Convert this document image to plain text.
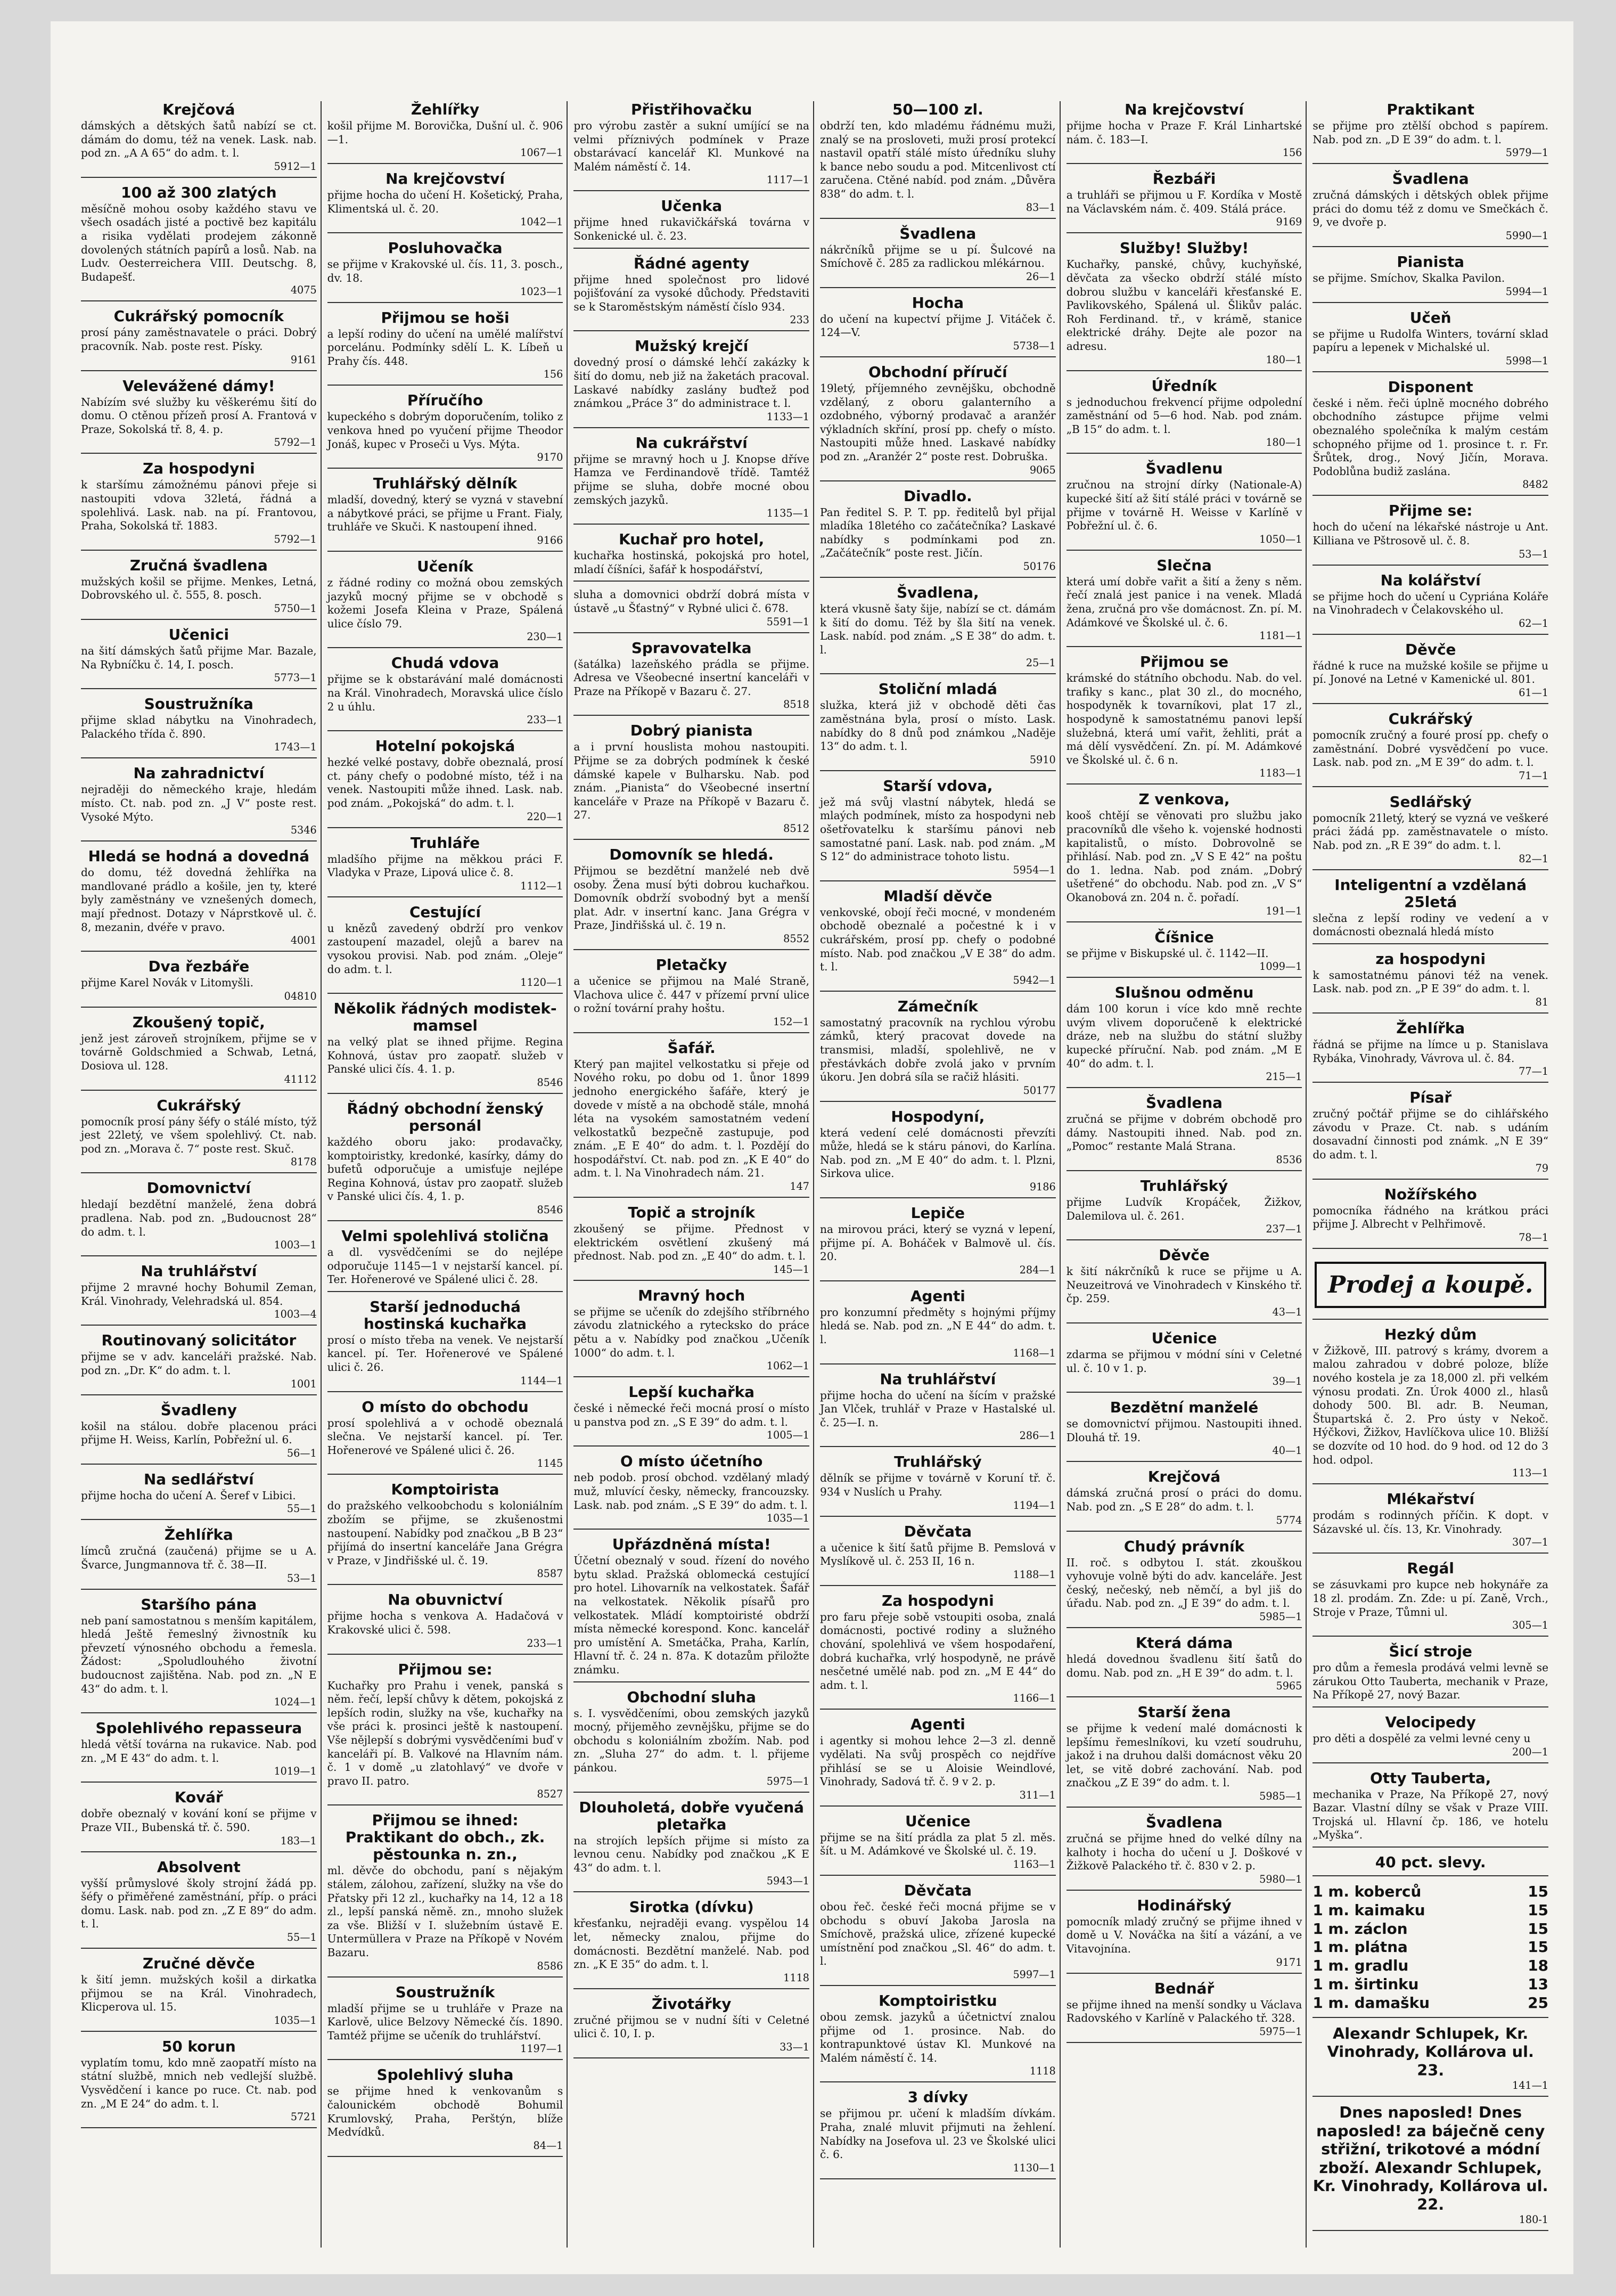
Krejčová
dámských a dětských šatů nabízí se ct. dámám do domu, též na venek. Lask. nab. pod zn. „A A 65“ do adm. t. l.
5912—1
100 až 300 zlatých
měsíčně mohou osoby každého stavu ve všech osadách jisté a poctivě bez kapitálu a risika vydělati prodejem zákonně dovolených státních papírů a losů. Nab. na Ludv. Oesterreichera VIII. Deutschg. 8, Budapešť.
4075
Cukrářský pomocník
prosí pány zaměstnavatele o práci. Dobrý pracovník. Nab. poste rest. Písky.
9161
Velevážené dámy!
Nabízím své služby ku věškerému šití do domu. O ctěnou přízeň prosí A. Frantová v Praze, Sokolská tř. 8, 4. p.
5792—1
Za hospodyni
k staršímu zámožnému pánovi přeje si nastoupiti vdova 32letá, řádná a spolehlivá. Lask. nab. na pí. Frantovou, Praha, Sokolská tř. 1883.
5792—1
Zručná švadlena
mužských košil se přijme. Menkes, Letná, Dobrovského ul. č. 555, 8. posch.
5750—1
Učenici
na šití dámských šatů přijme Mar. Bazale, Na Rybníčku č. 14, I. posch.
5773—1
Soustružníka
přijme sklad nábytku na Vinohradech, Palackého třída č. 890.
1743—1
Na zahradnictví
nejraději do německého kraje, hledám místo. Ct. nab. pod zn. „J V“ poste rest. Vysoké Mýto.
5346
Hledá se hodná a dovedná
do domu, též dovedná žehlířka na mandlované prádlo a košile, jen ty, které byly zaměstnány ve vznešených domech, mají přednost. Dotazy v Náprstkově ul. č. 8, mezanin, dvéře v pravo.
4001
Dva řezbáře
přijme Karel Novák v Litomyšli.
04810
Zkoušený topič,
jenž jest zároveň strojníkem, přijme se v továrně Goldschmied a Schwab, Letná, Dosiova ul. 128.
41112
Cukrářský
pomocník prosí pány šéfy o stálé místo, týž jest 22letý, ve všem spolehlivý. Ct. nab. pod zn. „Morava č. 7“ poste rest. Skuč.
8178
Domovnictví
hledají bezdětní manželé, žena dobrá pradlena. Nab. pod zn. „Budoucnost 28“ do adm. t. l.
1003—1
Na truhlářství
přijme 2 mravné hochy Bohumil Zeman, Král. Vinohrady, Velehradská ul. 854.
1003—4
Routinovaný solicitátor
přijme se v adv. kanceláři pražské. Nab. pod zn. „Dr. K“ do adm. t. l.
1001
Švadleny
košil na stálou. dobře placenou práci přijme H. Weiss, Karlín, Pobřežní ul. 6.
56—1
Na sedlářství
přijme hocha do učení A. Šeref v Libici.
55—1
Žehlířka
límců zručná (zaučená) přijme se u A. Švarce, Jungmannova tř. č. 38—II.
53—1
Staršího pána
neb paní samostatnou s menším kapitálem, hledá Ještě řemeslný živnostník ku převzetí výnosného obchodu a řemesla. Žádost: „Spoludlouhého životní budoucnost zajištěna. Nab. pod zn. „N E 43“ do adm. t. l.
1024—1
Spolehlivého repasseura
hledá větší továrna na rukavice. Nab. pod zn. „M E 43“ do adm. t. l.
1019—1
Kovář
dobře obeznalý v kování koní se přijme v Praze VII., Bubenská tř. č. 590.
183—1
Absolvent
vyšší průmyslové školy strojní žádá pp. šéfy o přiměřené zaměstnání, příp. o práci domu. Lask. nab. pod zn. „Z E 89“ do adm. t. l.
55—1
Zručné děvče
k šití jemn. mužských košil a dirkatka přijmou se na Král. Vinohradech, Klicperova ul. 15.
1035—1
50 korun
vyplatím tomu, kdo mně zaopatří místo na státní službě, mnich neb vedlejší službě. Vysvědčení i kance po ruce. Ct. nab. pod zn. „M E 24“ do adm. t. l.
5721
Žehlířky
košil přijme M. Borovička, Dušní ul. č. 906—1.
1067—1
Na krejčovství
přijme hocha do učení H. Košetický, Praha, Klimentská ul. č. 20.
1042—1
Posluhovačka
se přijme v Krakovské ul. čís. 11, 3. posch., dv. 18.
1023—1
Přijmou se hoši
a lepší rodiny do učení na umělé malířství porcelánu. Podmínky sdělí L. K. Líbeň u Prahy čís. 448.
156
Příručího
kupeckého s dobrým doporučením, toliko z venkova hned po vyučení přijme Theodor Jonáš, kupec v Proseči u Vys. Mýta.
9170
Truhlářský dělník
mladší, dovedný, který se vyzná v stavební a nábytkové práci, se přijme u Frant. Fialy, truhláře ve Skuči. K nastoupení ihned.
9166
Učeník
z řádné rodiny co možná obou zemských jazyků mocný přijme se v obchodě s kožemi Josefa Kleina v Praze, Spálená ulice číslo 79.
230—1
Chudá vdova
přijme se k obstarávání malé domácnosti na Král. Vinohradech, Moravská ulice číslo 2 u úhlu.
233—1
Hotelní pokojská
hezké velké postavy, dobře obeznalá, prosí ct. pány chefy o podobné místo, též i na venek. Nastoupiti může ihned. Lask. nab. pod znám. „Pokojská“ do adm. t. l.
220—1
Truhláře
mladšího přijme na měkkou práci F. Vladyka v Praze, Lipová ulice č. 8.
1112—1
Cestující
u knězů zavedený obdrží pro venkov zastoupení mazadel, olejů a barev na vysokou provisi. Nab. pod znám. „Oleje“ do adm. t. l.
1120—1
Několik řádných modistek-mamsel
na velký plat se ihned přijme. Regina Kohnová, ústav pro zaopatř. služeb v Panské ulici čís. 4. 1. p.
8546
Řádný obchodní ženský personál
každého oboru jako: prodavačky, komptoiristky, kredonké, kasírky, dámy do bufetů odporučuje a umisťuje nejlépe Regina Kohnová, ústav pro zaopatř. služeb v Panské ulici čís. 4, 1. p.
8546
Velmi spolehlivá stolična
a dl. vysvědčeními se do nejlépe odporučuje 1145—1 v nejstarší kancel. pí. Ter. Hořenerové ve Spálené ulici č. 28.
Starší jednoduchá hostinská kuchařka
prosí o místo třeba na venek. Ve nejstarší kancel. pí. Ter. Hořenerové ve Spálené ulici č. 26.
1144—1
O místo do obchodu
prosí spolehlivá a v ochodě obeznalá slečna. Ve nejstarší kancel. pí. Ter. Hořenerové ve Spálené ulici č. 26.
1145
Komptoirista
do pražského velkoobchodu s koloniálním zbožím se přijme, se zkušenostmi nastoupení. Nabídky pod značkou „B B 23“ přijímá do insertní kanceláře Jana Grégra v Praze, v Jindřišské ul. č. 19.
8587
Na obuvnictví
přijme hocha s venkova A. Hadačová v Krakovské ulici č. 598.
233—1
Přijmou se:
Kuchařky pro Prahu i venek, panská s něm. řečí, lepší chůvy k dětem, pokojská z lepších rodin, služky na vše, kuchařky na vše práci k. prosinci ještě k nastoupení. Vše nějlepší s dobrými vysvědčeními buď v kanceláři pí. B. Valkové na Hlavním nám. č. 1 v domě „u zlatohlavý“ ve dvoře v pravo II. patro.
8527
Přijmou se ihned: Praktikant do obch., zk. pěstounka n. zn.,
ml. děvče do obchodu, paní s nějakým stálem, zálohou, zařízení, služky na vše do Přatsky při 12 zl., kuchařky na 14, 12 a 18 zl., lepší panská němě. zn., mnoho služek za vše. Bližší v I. služebním ústavě E. Untermüllera v Praze na Příkopě v Novém Bazaru.
8586
Soustružník
mladší přijme se u truhláře v Praze na Karlově, ulice Belzovy Německé čís. 1890. Tamtéž přijme se učeník do truhlářství.
1197—1
Spolehlivý sluha
se přijme hned k venkovanům s čalounickém obchodě Bohumil Krumlovský, Praha, Perštýn, blíže Medvídků.
84—1
Přistřihovačku
pro výrobu zastěr a sukní umíjící se na velmi příznivých podmínek v Praze obstarávací kancelář Kl. Munkové na Malém náměstí č. 14.
1117—1
Učenka
přijme hned rukavičkářská továrna v Sonkenické ul. č. 23.
Řádné agenty
přijme hned společnost pro lidové pojišťování za vysoké důchody. Představiti se k Staroměstským náměstí číslo 934.
233
Mužský krejčí
dovedný prosí o dámské lehčí zakázky k šití do domu, neb již na žaketách pracoval. Laskavé nabídky zaslány buďtež pod známkou „Práce 3“ do administrace t. l.
1133—1
Na cukrářství
přijme se mravný hoch u J. Knopse dříve Hamza ve Ferdinandově třídě. Tamtéž přijme se sluha, dobře mocné obou zemských jazyků.
1135—1
Kuchař pro hotel,
kuchařka hostinská, pokojská pro hotel, mladí číšníci, šafář k hospodářství,
sluha a domovnici obdrží dobrá místa v ústavě „u Šťastný“ v Rybné ulici č. 678.
5591—1
Spravovatelka
(šatálka) lazeňského prádla se přijme. Adresa ve Všeobecné insertní kanceláři v Praze na Příkopě v Bazaru č. 27.
8518
Dobrý pianista
a i první houslista mohou nastoupiti. Přijme se za dobrých podmínek k české dámské kapele v Bulharsku. Nab. pod znám. „Pianista“ do Všeobecné insertní kanceláře v Praze na Příkopě v Bazaru č. 27.
8512
Domovník se hledá.
Přijmou se bezdětní manželé neb dvě osoby. Žena musí býti dobrou kuchařkou. Domovník obdrží svobodný byt a menší plat. Adr. v insertní kanc. Jana Grégra v Praze, Jindřišská ul. č. 19 n.
8552
Pletačky
a učenice se přijmou na Malé Straně, Vlachova ulice č. 447 v přízemí první ulice o rožní tovární prahy hoštu.
152—1
Šafář.
Který pan majitel velkostatku si přeje od Nového roku, po dobu od 1. ůnor 1899 jednoho energického šafáře, který je dovede v místě a na obchodě stále, mnohá léta na vysokém samostatném vedení velkostatků bezpečně zastupuje, pod znám. „E E 40“ do adm. t. l. Pozdějí do hospodářství. Ct. nab. pod zn. „K E 40“ do adm. t. l. Na Vinohradech nám. 21.
147
Topič a strojník
zkoušený se přijme. Přednost v elektrickém osvětlení zkušený má přednost. Nab. pod zn. „E 40“ do adm. t. l.
145—1
Mravný hoch
se přijme se učeník do zdejšího stříbrného závodu zlatnického a rytecksko do práce pětu a v. Nabídky pod značkou „Učeník 1000“ do adm. t. l.
1062—1
Lepší kuchařka
české i německé řeči mocná prosí o místo u panstva pod zn. „S E 39“ do adm. t. l.
1005—1
O místo účetního
neb podob. prosí obchod. vzdělaný mladý muž, mluvící česky, německy, francouzsky. Lask. nab. pod znám. „S E 39“ do adm. t. l.
1035—1
Upřázdněná místa!
Účetní obeznalý v soud. řízení do nového bytu sklad. Pražská oblomecká cestující pro hotel. Lihovarník na velkostatek. Šafář na velkostatek. Několik písařů pro velkostatek. Mládí komptoiristé obdrží místa německé korespond. Konc. kancelář pro umístění A. Smetáčka, Praha, Karlín, Hlavní tř. č. 24 n. 87a. K dotazům přiložte známku.
Obchodní sluha
s. I. vysvědčeními, obou zemských jazyků mocný, přijeměho zevnějšku, přijme se do obchodu s koloniálním zbožím. Nab. pod zn. „Sluha 27“ do adm. t. l. přijeme pánkou.
5975—1
Dlouholetá, dobře vyučená pletařka
na strojích lepších přijme si místo za levnou cenu. Nabídky pod značkou „K E 43“ do adm. t. l.
5943—1
Sirotka (dívku)
křesťanku, nejraději evang. vyspělou 14 let, německy znalou, přijme do domácnosti. Bezdětní manželé. Nab. pod zn. „K E 35“ do adm. t. l.
1118
Životářky
zručné přijmou se v nudní šíti v Celetné ulici č. 10, I. p.
33—1
50—100 zl.
obdrží ten, kdo mladému řádnému muži, znalý se na prosloveti, muži prosí protekcí nastavil opatří stálé místo úředníku sluhy k bance nebo soudu a pod. Mitcenlivost ctí zaručena. Ctěné nabíd. pod znám. „Důvěra 838“ do adm. t. l.
83—1
Švadlena
nákrčníků přijme se u pí. Šulcové na Smíchově č. 285 za radlickou mlékárnou.
26—1
Hocha
do učení na kupectví přijme J. Vitáček č. 124—V.
5738—1
Obchodní příručí
19letý, příjemného zevnějšku, obchodně vzdělaný, z oboru galanterního a ozdobného, výborný prodavač a aranžér výkladních skříní, prosí pp. chefy o místo. Nastoupiti může hned. Laskavé nabídky pod zn. „Aranžér 2“ poste rest. Dobruška.
9065
Divadlo.
Pan ředitel S. P. T. pp. ředitelů byl přijal mladíka 18letého co začátečníka? Laskavé nabídky s podmínkami pod zn. „Začátečník“ poste rest. Jičín.
50176
Švadlena,
která vkusně šaty šije, nabízí se ct. dámám k šití do domu. Též by šla šití na venek. Lask. nabíd. pod znám. „S E 38“ do adm. t. l.
25—1
Stoliční mladá
služka, která již v obchodě děti čas zaměstnána byla, prosí o místo. Lask. nabídky do 8 dnů pod známkou „Naděje 13“ do adm. t. l.
5910
Starší vdova,
jež má svůj vlastní nábytek, hledá se mlaých podmínek, místo za hospodyni neb ošetřovatelku k staršímu pánovi neb samostatné paní. Lask. nab. pod znám. „M S 12“ do administrace tohoto listu.
5954—1
Mladší děvče
venkovské, obojí řeči mocné, v mondeném obchodě obeznalé a počestné k i v cukrářském, prosí pp. chefy o podobné místo. Nab. pod značkou „V E 38“ do adm. t. l.
5942—1
Zámečník
samostatný pracovník na rychlou výrobu zámků, který pracovat dovede na transmisi, mladší, spolehlivě, ne v přestávkách dobře zvolá jako v prvním úkoru. Jen dobrá síla se račiž hlásiti.
50177
Hospodyní,
která vedení celé domácnosti převzíti může, hledá se k stáru pánovi, do Karlína. Nab. pod zn. „M E 40“ do adm. t. l. Plzni, Sirkova ulice.
9186
Lepiče
na mirovou práci, který se vyzná v lepení, přijme pí. A. Boháček v Balmově ul. čís. 20.
284—1
Agenti
pro konzumní předměty s hojnými příjmy hledá se. Nab. pod zn. „N E 44“ do adm. t. l.
1168—1
Na truhlářství
přijme hocha do učení na šícím v pražské Jan Vlček, truhlář v Praze v Hastalské ul. č. 25—I. n.
286—1
Truhlářský
dělník se přijme v továrně v Koruní tř. č. 934 v Nuslích u Prahy.
1194—1
Děvčata
a učenice k šití šatů přijme B. Pemslová v Myslíkově ul. č. 253 II, 16 n.
1188—1
Za hospodyni
pro faru přeje sobě vstoupiti osoba, znalá domácnosti, poctivé rodiny a služného chování, spolehlivá ve všem hospodaření, dobrá kuchařka, vrlý hospodyně, ne právě nesčetné umělé nab. pod zn. „M E 44“ do adm. t. l.
1166—1
Agenti
i agentky si mohou lehce 2—3 zl. denně vydělati. Na svůj prospěch co nejdříve přihlásí se se u Aloisie Weindlové, Vinohrady, Sadová tř. č. 9 v 2. p.
311—1
Učenice
přijme se na šití prádla za plat 5 zl. měs. šít. u M. Adámkové ve Školské ul. č. 19.
1163—1
Děvčata
obou řeč. české řeči mocná přijme se v obchodu s obuví Jakoba Jarosla na Smíchově, pražská ulice, zřízené kupecké umístnění pod značkou „Sl. 46“ do adm. t. l.
5997—1
Komptoiristku
obou zemsk. jazyků a účetnictví znalou přijme od 1. prosince. Nab. do kontrapunktové ústav Kl. Munkové na Malém náměstí č. 14.
1118
3 dívky
se přijmou pr. učení k mladším dívkám. Praha, znalé mluvit přijmuti na žehlení. Nabídky na Josefova ul. 23 ve Školské ulici č. 6.
1130—1
Na krejčovství
přijme hocha v Praze F. Král Linhartské nám. č. 183—I.
156
Řezbáři
a truhláři se přijmou u F. Kordíka v Mostě na Václavském nám. č. 409. Stálá práce.
9169
Služby! Služby!
Kuchařky, panské, chůvy, kuchyňské, děvčata za všecko obdrží stálé místo dobrou službu v kanceláři křesťanské E. Pavlikovského, Spálená ul. Šlikův palác. Roh Ferdinand. tř., v krámě, stanice elektrické dráhy. Dejte ale pozor na adresu.
180—1
Úředník
s jednoduchou frekvencí přijme odpolední zaměstnání od 5—6 hod. Nab. pod znám. „B 15“ do adm. t. l.
180—1
Švadlenu
zručnou na strojní dírky (Nationale-A) kupecké šití až šití stálé práci v továrně se přijme v továrně H. Weisse v Karlíně v Pobřežní ul. č. 6.
1050—1
Slečna
která umí dobře vařit a šití a ženy s něm. řečí znalá jest panice i na venek. Mladá žena, zručná pro vše domácnost. Zn. pí. M. Adámkové ve Školské ul. č. 6.
1181—1
Přijmou se
krámské do státního obchodu. Nab. do vel. trafiky s kanc., plat 30 zl., do mocného, hospodyněk k tovarníkovi, plat 17 zl., hospodyně k samostatnému panovi lepší služebná, která umí vařit, žehliti, prát a má dělí vysvědčení. Zn. pí. M. Adámkové ve Školské ul. č. 6 n.
1183—1
Z venkova,
kooš chtějí se věnovati pro službu jako pracovníků dle všeho k. vojenské hodnosti kapitalistů, o místo. Dobrovolně se přihlásí. Nab. pod zn. „V S E 42“ na poštu do 1. ledna. Nab. pod znám. „Dobrý ušetřené“ do obchodu. Nab. pod zn. „V S“ Okanobová zn. 204 n. č. pořadí.
191—1
Číšnice
se přijme v Biskupské ul. č. 1142—II.
1099—1
Slušnou odměnu
dám 100 korun i více kdo mně rechte uvým vlivem doporučeně k elektrické dráze, neb na službu do státní služby kupecké příruční. Nab. pod znám. „M E 40“ do adm. t. l.
215—1
Švadlena
zručná se přijme v dobrém obchodě pro dámy. Nastoupiti ihned. Nab. pod zn. „Pomoc“ restante Malá Strana.
8536
Truhlářský
přijme Ludvík Kropáček, Žižkov, Dalemilova ul. č. 261.
237—1
Děvče
k šití nákrčníků k ruce se přijme u A. Neuzeitrová ve Vinohradech v Kinského tř. čp. 259.
43—1
Učenice
zdarma se přijmou v módní síni v Celetné ul. č. 10 v 1. p.
39—1
Bezdětní manželé
se domovnictví přijmou. Nastoupiti ihned. Dlouhá tř. 19.
40—1
Krejčová
dámská zručná prosí o práci do domu. Nab. pod zn. „S E 28“ do adm. t. l.
5774
Chudý právník
II. roč. s odbytou I. stát. zkouškou vyhovuje volně býti do adv. kanceláře. Jest český, nečeský, neb němčí, a byl jiš do úřadu. Nab. pod zn. „J E 39“ do adm. t. l.
5985—1
Která dáma
hledá dovednou švadlenu šití šatů do domu. Nab. pod zn. „H E 39“ do adm. t. l.
5965
Starší žena
se přijme k vedení malé domácnosti k lepšímu řemeslníkovi, ku vzetí soudruhu, jakož i na druhou dalši domácnost věku 20 let, se vitě dobré zachování. Nab. pod značkou „Z E 39“ do adm. t. l.
5985—1
Švadlena
zručná se přijme hned do velké dílny na kalhoty i hocha do učení u J. Doškové v Žižkově Palackého tř. č. 830 v 2. p.
5980—1
Hodinářský
pomocník mladý zručný se přijme ihned v domě u V. Nováčka na šití a vázání, a ve Vitavojnína.
9171
Bednář
se přijme ihned na menší sondky u Václava Radovského v Karlíně v Palackého tř. 328.
5975—1
Praktikant
se přijme pro ztělší obchod s papírem. Nab. pod zn. „D E 39“ do adm. t. l.
5979—1
Švadlena
zručná dámských i dětských oblek přijme práci do domu též z domu ve Smečkách č. 9, ve dvoře p.
5990—1
Pianista
se přijme. Smíchov, Skalka Pavilon.
5994—1
Učeň
se přijme u Rudolfa Winters, tovární sklad papíru a lepenek v Michalské ul.
5998—1
Disponent
české i něm. řeči úplně mocného dobrého obchodního zástupce přijme velmi obeznalého společníka k malým cestám schopného přijme od 1. prosince t. r. Fr. Šrůtek, drog., Nový Jičín, Morava. Podoblůna budiž zaslána.
8482
Přijme se:
hoch do učení na lékařské nástroje u Ant. Killiana ve Pštrosově ul. č. 8.
53—1
Na kolářství
se přijme hoch do učení u Cypriána Koláře na Vinohradech v Čelakovského ul.
62—1
Děvče
řádné k ruce na mužské košile se přijme u pí. Jonové na Letné v Kamenické ul. 801.
61—1
Cukrářský
pomocník zručný a fouré prosí pp. chefy o zaměstnání. Dobré vysvědčení po vuce. Lask. nab. pod zn. „M E 39“ do adm. t. l.
71—1
Sedlářský
pomocník 21letý, který se vyzná ve veškeré práci žádá pp. zaměstnavatele o místo. Nab. pod zn. „R E 39“ do adm. t. l.
82—1
Inteligentní a vzdělaná 25letá
slečna z lepší rodiny ve vedení a v domácnosti obeznalá hledá místo
za hospodyni
k samostatnému pánovi též na venek. Lask. nab. pod zn. „P E 39“ do adm. t. l.
81
Žehlířka
řádná se přijme na límce u p. Stanislava Rybáka, Vinohrady, Vávrova ul. č. 84.
77—1
Písař
zručný počtář přijme se do cihlářského závodu v Praze. Ct. nab. s udáním dosavadní činnosti pod známk. „N E 39“ do adm. t. l.
79
Nožířského
pomocníka řádného na krátkou práci přijme J. Albrecht v Pelhřimově.
78—1
Prodej a koupě.
Hezký dům
v Žižkově, III. patrový s krámy, dvorem a malou zahradou v dobré poloze, blíže nového kostela je za 18,000 zl. při velkém výnosu prodati. Zn. Úrok 4000 zl., hlasů dohody 500. Bl. adr. B. Neuman, Štupartská č. 2. Pro ústy v Nekoč. Hýčkovi, Žižkov, Havlíčkova ulice 10. Bližší se dozvíte od 10 hod. do 9 hod. od 12 do 3 hod. odpol.
113—1
Mlékařství
prodám s rodinných příčin. K dopt. v Sázavské ul. čís. 13, Kr. Vinohrady.
307—1
Regál
se zásuvkami pro kupce neb hokynáře za 18 zl. prodám. Zn. Zde: u pí. Zaně, Vrch., Stroje v Praze, Tůmni ul.
305—1
Šicí stroje
pro dům a řemesla prodává velmi levně se zárukou Otto Tauberta, mechanik v Praze, Na Příkopě 27, nový Bazar.
Velocipedy
pro děti a dospělé za velmi levné ceny u
200—1
Otty Tauberta,
mechanika v Praze, Na Příkopě 27, nový Bazar. Vlastní dílny se však v Praze VIII. Trojská ul. Hlavní čp. 186, ve hotelu „Myška“.
40 pct. slevy.
1 m. koberců	15
1 m. kaimaku	15
1 m. záclon	15
1 m. plátna	15
1 m. gradlu	18
1 m. širtinku	13
1 m. damašku	25
Alexandr Schlupek, Kr. Vinohrady, Kollárova ul. 23.
141—1
Dnes naposled! Dnes naposled! za báječně ceny střižní, trikotové a módní zboží. Alexandr Schlupek, Kr. Vinohrady, Kollárova ul. 22.
180-1
